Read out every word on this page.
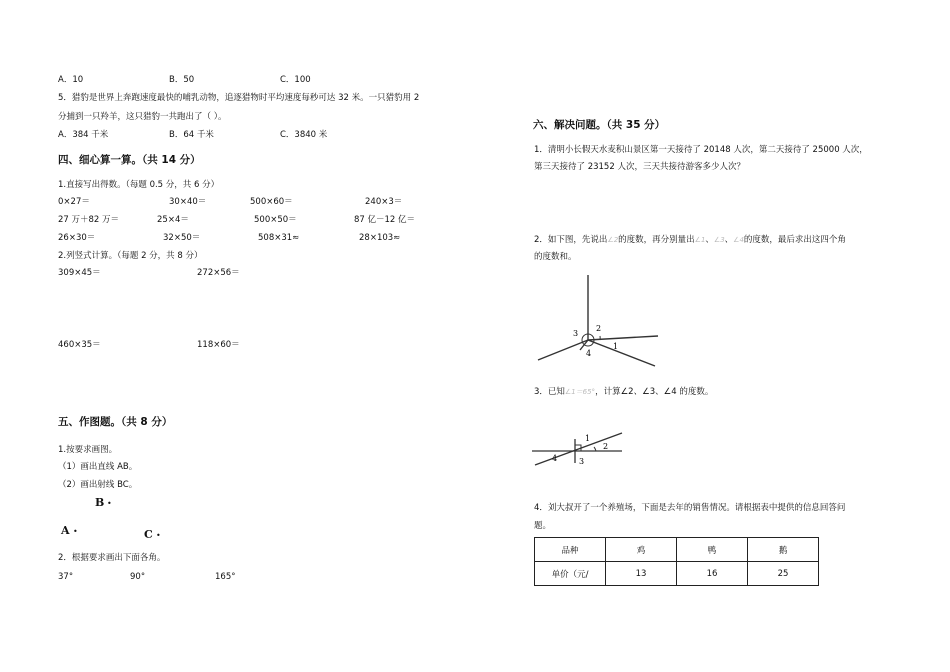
A．10	B．50	C．100
5．猎豹是世界上奔跑速度最快的哺乳动物，追逐猎物时平均速度每秒可达 32 米。一只猎豹用 2
分捕到一只羚羊，这只猎豹一共跑出了（ ）。
A．384 千米	B．64 千米	C．3840 米
四、细心算一算。（共 14 分）
1.直接写出得数。（每题 0.5 分，共 6 分）
0×27＝	30×40＝	500×60＝	240×3＝
27 万＋82 万＝	25×4＝	500×50＝	87 亿－12 亿＝
26×30＝	32×50＝	508×31≈	28×103≈
2.列竖式计算。（每题 2 分，共 8 分）
309×45＝	272×56＝
460×35＝	118×60＝
五、作图题。（共 8 分）
1.按要求画图。
（1）画出直线 AB。
（2）画出射线 BC。
B •
A •	C •
2．根据要求画出下面各角。
37°	90°	165°
六、解决问题。（共 35 分）
1．清明小长假天水麦积山景区第一天接待了 20148 人次，第二天接待了 25000 人次，
第三天接待了 23152 人次，三天共接待游客多少人次？
2．如下图，先说出∠2的度数，再分别量出∠1、∠3、∠4的度数，最后求出这四个角
的度数和。
1
2
3
4
3．已知∠1＝65°，计算∠2、∠3、∠4 的度数。
1
2
3
4
4．刘大叔开了一个养殖场，下面是去年的销售情况。请根据表中提供的信息回答问
题。
品种	鸡	鸭	鹅
单价（元/	13	16	25
